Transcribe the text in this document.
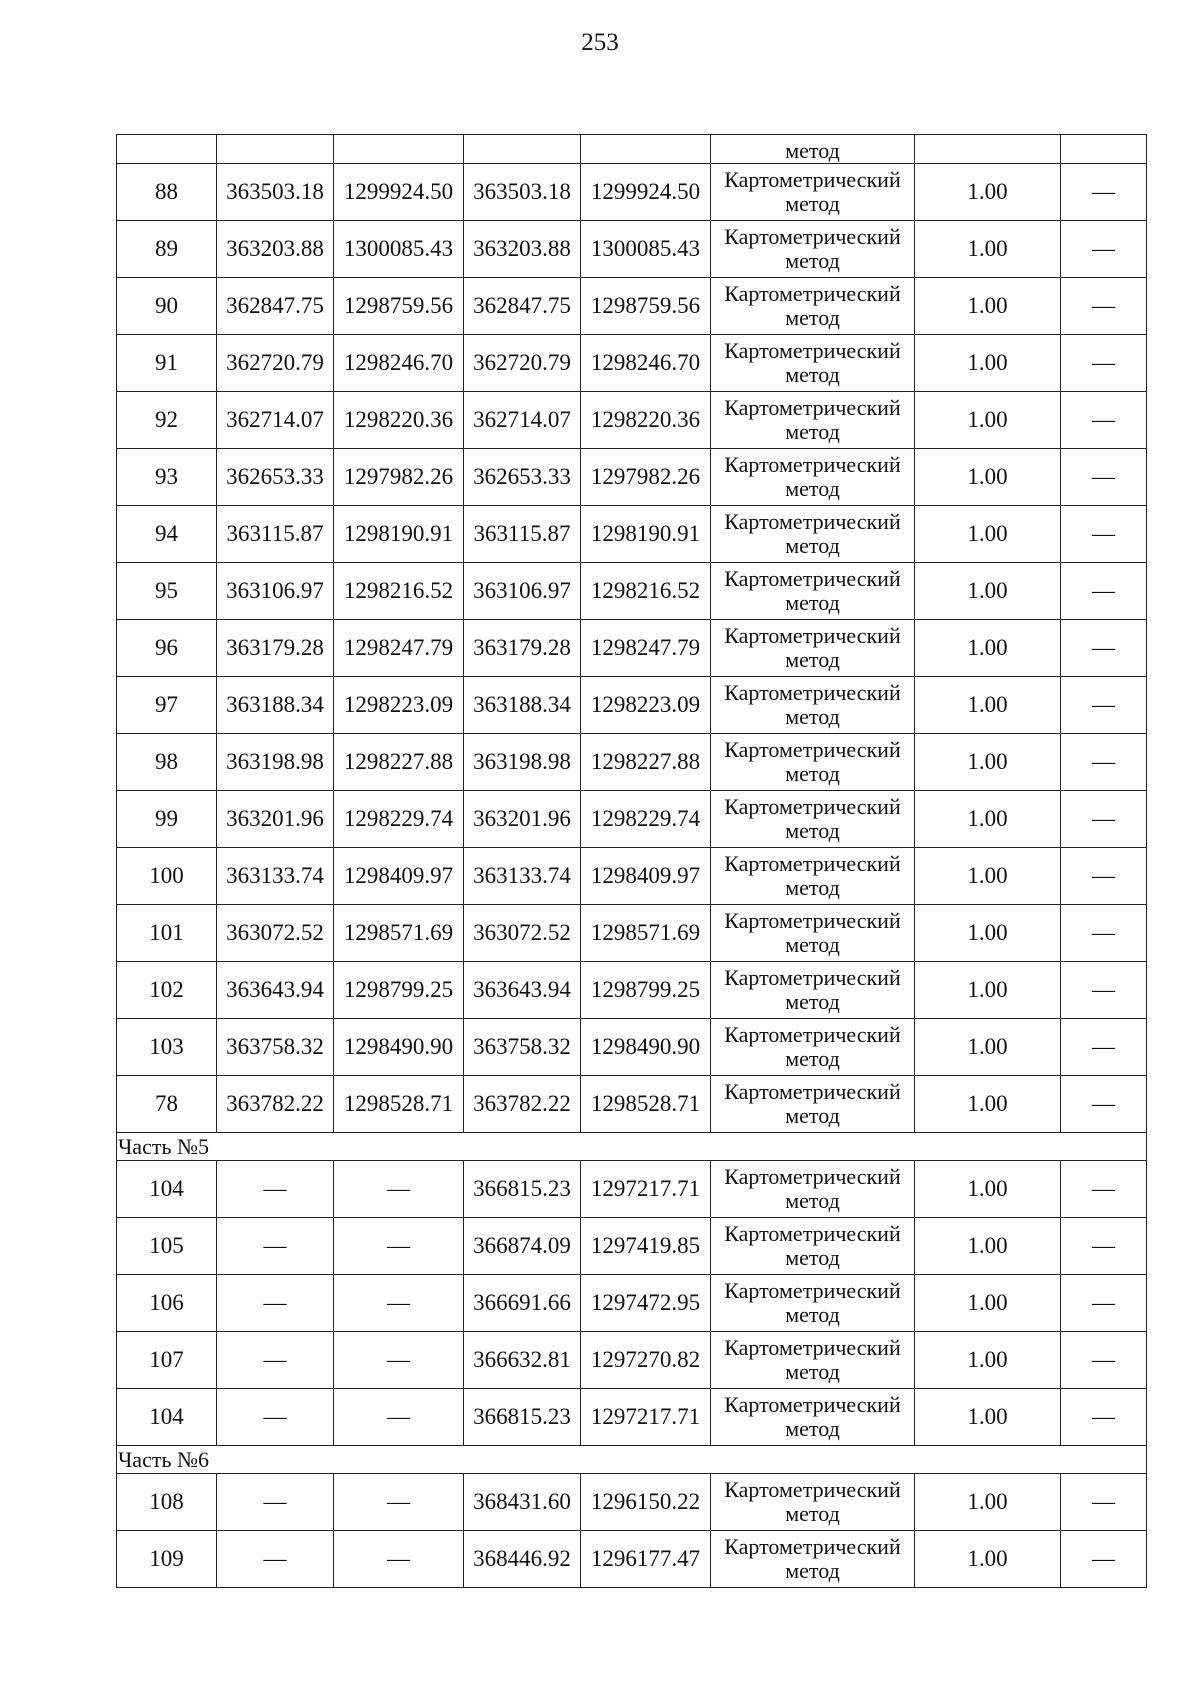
253
					метод		
88	363503.18	1299924.50	363503.18	1299924.50	Картометрический
метод	1.00	—
89	363203.88	1300085.43	363203.88	1300085.43	Картометрический
метод	1.00	—
90	362847.75	1298759.56	362847.75	1298759.56	Картометрический
метод	1.00	—
91	362720.79	1298246.70	362720.79	1298246.70	Картометрический
метод	1.00	—
92	362714.07	1298220.36	362714.07	1298220.36	Картометрический
метод	1.00	—
93	362653.33	1297982.26	362653.33	1297982.26	Картометрический
метод	1.00	—
94	363115.87	1298190.91	363115.87	1298190.91	Картометрический
метод	1.00	—
95	363106.97	1298216.52	363106.97	1298216.52	Картометрический
метод	1.00	—
96	363179.28	1298247.79	363179.28	1298247.79	Картометрический
метод	1.00	—
97	363188.34	1298223.09	363188.34	1298223.09	Картометрический
метод	1.00	—
98	363198.98	1298227.88	363198.98	1298227.88	Картометрический
метод	1.00	—
99	363201.96	1298229.74	363201.96	1298229.74	Картометрический
метод	1.00	—
100	363133.74	1298409.97	363133.74	1298409.97	Картометрический
метод	1.00	—
101	363072.52	1298571.69	363072.52	1298571.69	Картометрический
метод	1.00	—
102	363643.94	1298799.25	363643.94	1298799.25	Картометрический
метод	1.00	—
103	363758.32	1298490.90	363758.32	1298490.90	Картометрический
метод	1.00	—
78	363782.22	1298528.71	363782.22	1298528.71	Картометрический
метод	1.00	—
Часть №5							
104	—	—	366815.23	1297217.71	Картометрический
метод	1.00	—
105	—	—	366874.09	1297419.85	Картометрический
метод	1.00	—
106	—	—	366691.66	1297472.95	Картометрический
метод	1.00	—
107	—	—	366632.81	1297270.82	Картометрический
метод	1.00	—
104	—	—	366815.23	1297217.71	Картометрический
метод	1.00	—
Часть №6							
108	—	—	368431.60	1296150.22	Картометрический
метод	1.00	—
109	—	—	368446.92	1296177.47	Картометрический
метод	1.00	—
